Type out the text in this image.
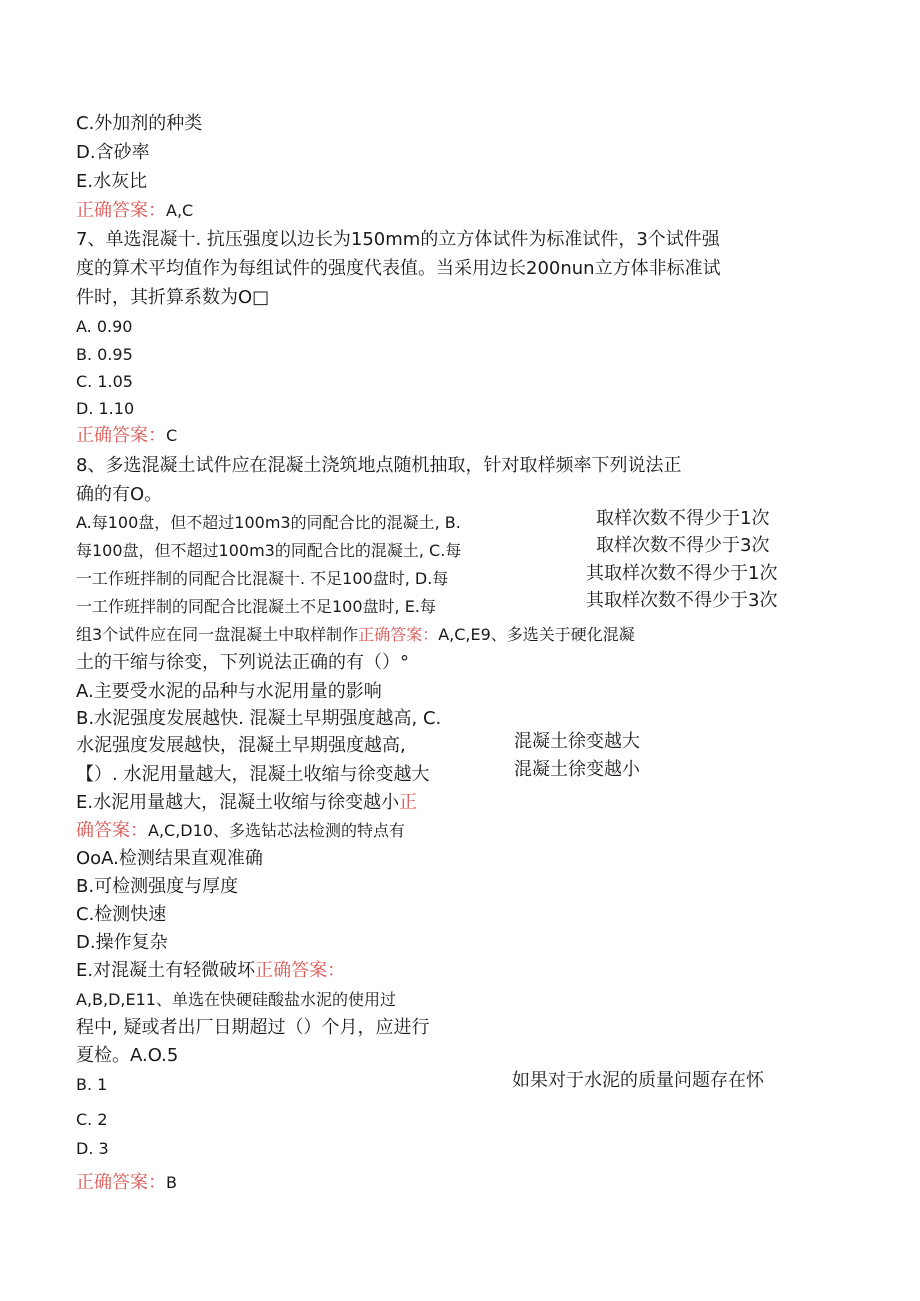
C.外加剂的种类
D.含砂率
E.水灰比
正确答案：A,C
7、单选混凝十. 抗压强度以边长为150mm的立方体试件为标准试件，3个试件强
度的算术平均值作为每组试件的强度代表值。当采用边长200nun立方体非标准试
件时，其折算系数为O□
A. 0.90
B. 0.95
C. 1.05
D. 1.10
正确答案：C
8、多选混凝土试件应在混凝土浇筑地点随机抽取，针对取样频率下列说法正
确的有O。
A.每100盘，但不超过100m3的同配合比的混凝土, B.
每100盘，但不超过100m3的同配合比的混凝土, C.每
一工作班拌制的同配合比混凝十. 不足100盘时, D.每
一工作班拌制的同配合比混凝土不足100盘时, E.每
组3个试件应在同一盘混凝土中取样制作正确答案：A,C,E9、多选关于硬化混凝
土的干缩与徐变，下列说法正确的有（）°
A.主要受水泥的品种与水泥用量的影响
B.水泥强度发展越快. 混凝土早期强度越高, C.
水泥强度发展越快，混凝土早期强度越高,
【）. 水泥用量越大，混凝土收缩与徐变越大
E.水泥用量越大，混凝土收缩与徐变越小正
确答案：A,C,D10、多选钻芯法检测的特点有
OoA.检测结果直观准确
B.可检测强度与厚度
C.检测快速
D.操作复杂
E.对混凝土有轻微破坏正确答案：
A,B,D,E11、单选在快硬硅酸盐水泥的使用过
程中, 疑或者出厂日期超过（）个月，应进行
夏检。A.O.5
B. 1
C. 2
D. 3
正确答案：B
取样次数不得少于1次
取样次数不得少于3次
其取样次数不得少于1次
其取样次数不得少于3次
混凝土徐变越大
混凝土徐变越小
如果对于水泥的质量问题存在怀
